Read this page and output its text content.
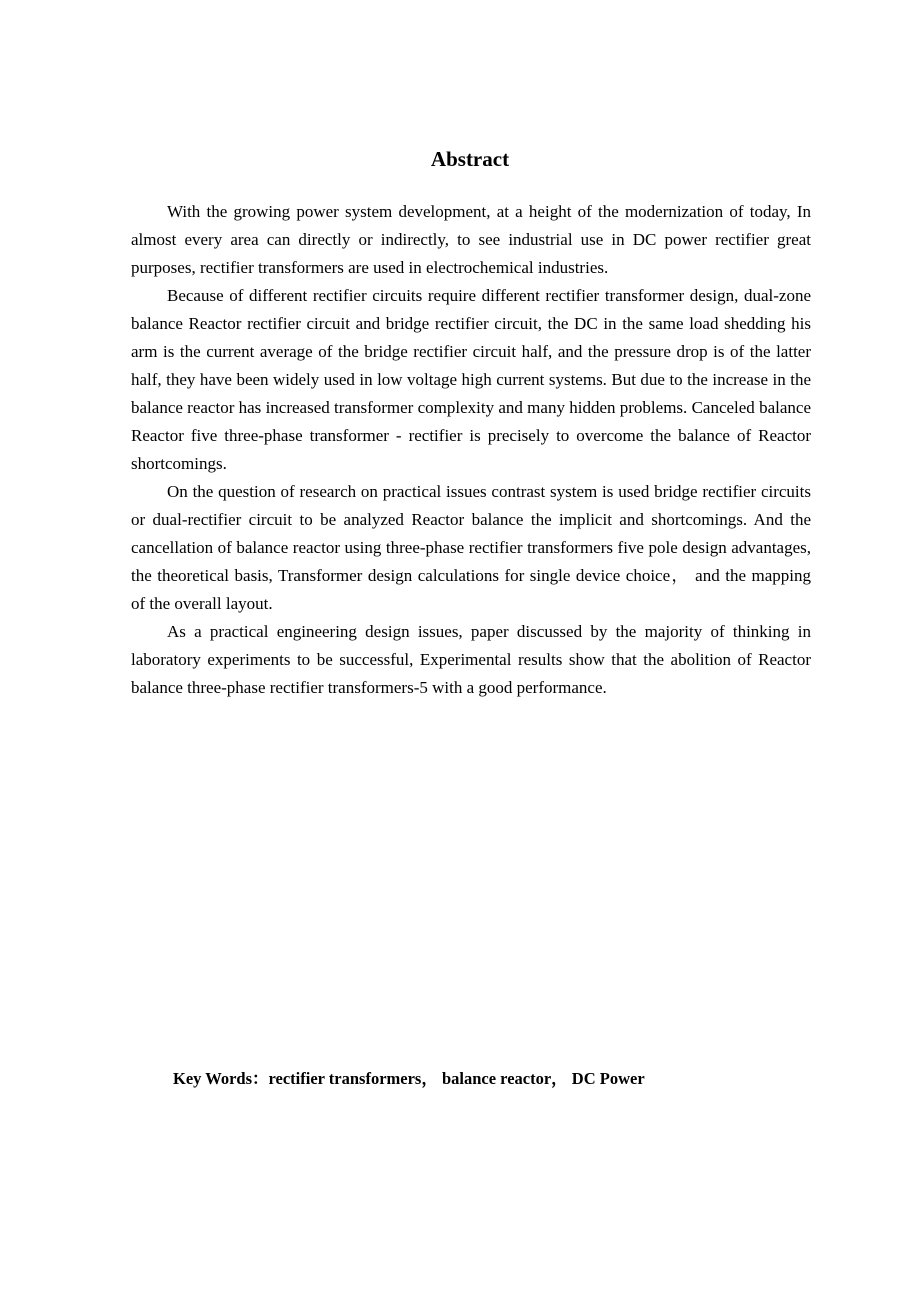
Abstract

With the growing power system development, at a height of the modernization of today, In almost every area can directly or indirectly, to see industrial use in DC power rectifier great purposes, rectifier transformers are used in electrochemical industries.

Because of different rectifier circuits require different rectifier transformer design, dual-zone balance Reactor rectifier circuit and bridge rectifier circuit, the DC in the same load shedding his arm is the current average of the bridge rectifier circuit half, and the pressure drop is of the latter half, they have been widely used in low voltage high current systems. But due to the increase in the balance reactor has increased transformer complexity and many hidden problems. Canceled balance Reactor five three-phase transformer - rectifier is precisely to overcome the balance of Reactor shortcomings.

On the question of research on practical issues contrast system is used bridge rectifier circuits or dual-rectifier circuit to be analyzed Reactor balance the implicit and shortcomings. And the cancellation of balance reactor using three-phase rectifier transformers five pole design advantages, the theoretical basis, Transformer design calculations for single device choice， and the mapping of the overall layout.

As a practical engineering design issues, paper discussed by the majority of thinking in laboratory experiments to be successful, Experimental results show that the abolition of Reactor balance three-phase rectifier transformers-5 with a good performance.

Key Words：rectifier transformers， balance reactor， DC Power
